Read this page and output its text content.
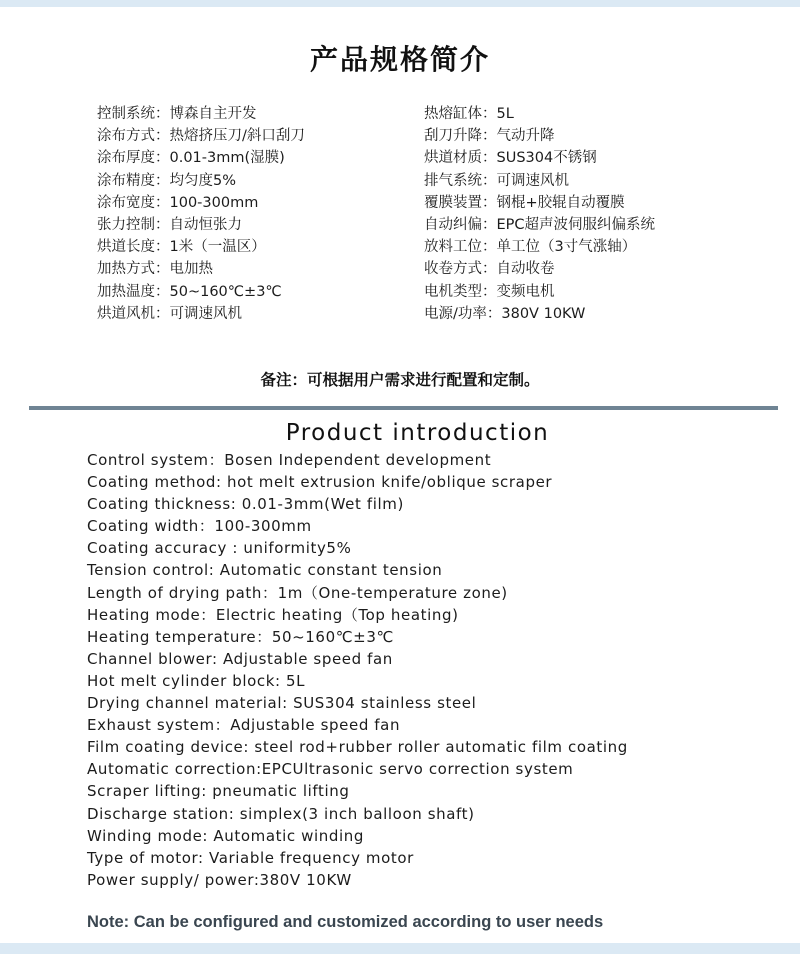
产品规格简介
控制系统：博森自主开发
涂布方式：热熔挤压刀/斜口刮刀
涂布厚度：0.01-3mm(湿膜)
涂布精度：均匀度5%
涂布宽度：100-300mm
张力控制：自动恒张力
烘道长度：1米（一温区）
加热方式：电加热
加热温度：50~160℃±3℃
烘道风机：可调速风机
热熔缸体：5L
刮刀升降：气动升降
烘道材质：SUS304不锈钢
排气系统：可调速风机
覆膜装置：钢棍+胶辊自动覆膜
自动纠偏：EPC超声波伺服纠偏系统
放料工位：单工位（3寸气涨轴）
收卷方式：自动收卷
电机类型：变频电机
电源/功率：380V 10KW
备注：可根据用户需求进行配置和定制。
Product introduction
Control system：Bosen Independent development
Coating method: hot melt extrusion knife/oblique scraper
Coating thickness: 0.01-3mm(Wet film)
Coating width：100-300mm
Coating accuracy : uniformity5%
Tension control: Automatic constant tension
Length of drying path：1m（One-temperature zone)
Heating mode：Electric heating（Top heating)
Heating temperature：50~160℃±3℃
Channel blower: Adjustable speed fan
Hot melt cylinder block: 5L
Drying channel material: SUS304 stainless steel
Exhaust system：Adjustable speed fan
Film coating device: steel rod+rubber roller automatic film coating
Automatic correction:EPCUltrasonic servo correction system
Scraper lifting: pneumatic lifting
Discharge station: simplex(3 inch balloon shaft)
Winding mode: Automatic winding
Type of motor: Variable frequency motor
Power supply/ power:380V 10KW
Note: Can be configured and customized according to user needs
